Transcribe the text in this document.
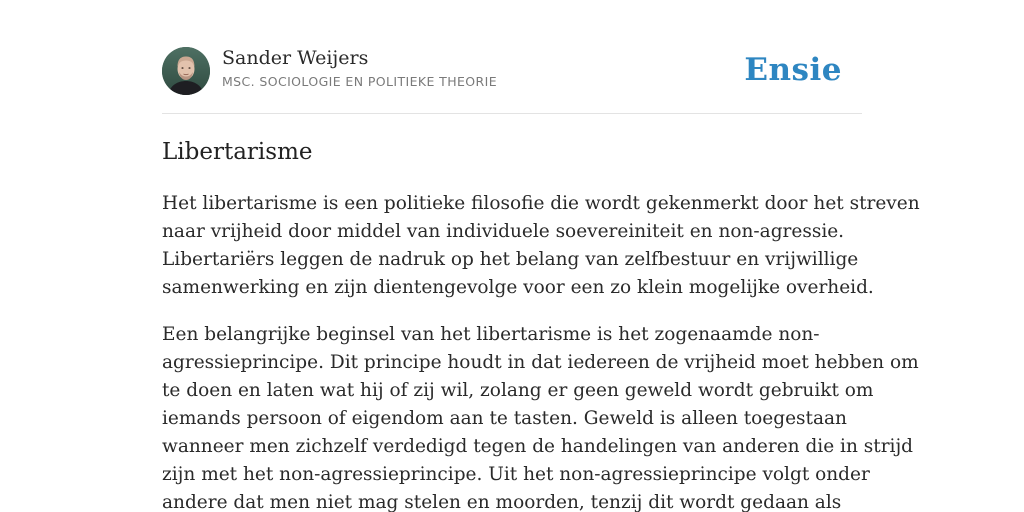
Sander Weijers
MSC. SOCIOLOGIE EN POLITIEKE THEORIE	Ensie
Libertarisme

Het libertarisme is een politieke filosofie die wordt gekenmerkt door het streven
naar vrijheid door middel van individuele soevereiniteit en non-agressie.
Libertariërs leggen de nadruk op het belang van zelfbestuur en vrijwillige
samenwerking en zijn dientengevolge voor een zo klein mogelijke overheid.

Een belangrijke beginsel van het libertarisme is het zogenaamde non-
agressieprincipe. Dit principe houdt in dat iedereen de vrijheid moet hebben om
te doen en laten wat hij of zij wil, zolang er geen geweld wordt gebruikt om
iemands persoon of eigendom aan te tasten. Geweld is alleen toegestaan
wanneer men zichzelf verdedigd tegen de handelingen van anderen die in strijd
zijn met het non-agressieprincipe. Uit het non-agressieprincipe volgt onder
andere dat men niet mag stelen en moorden, tenzij dit wordt gedaan als
